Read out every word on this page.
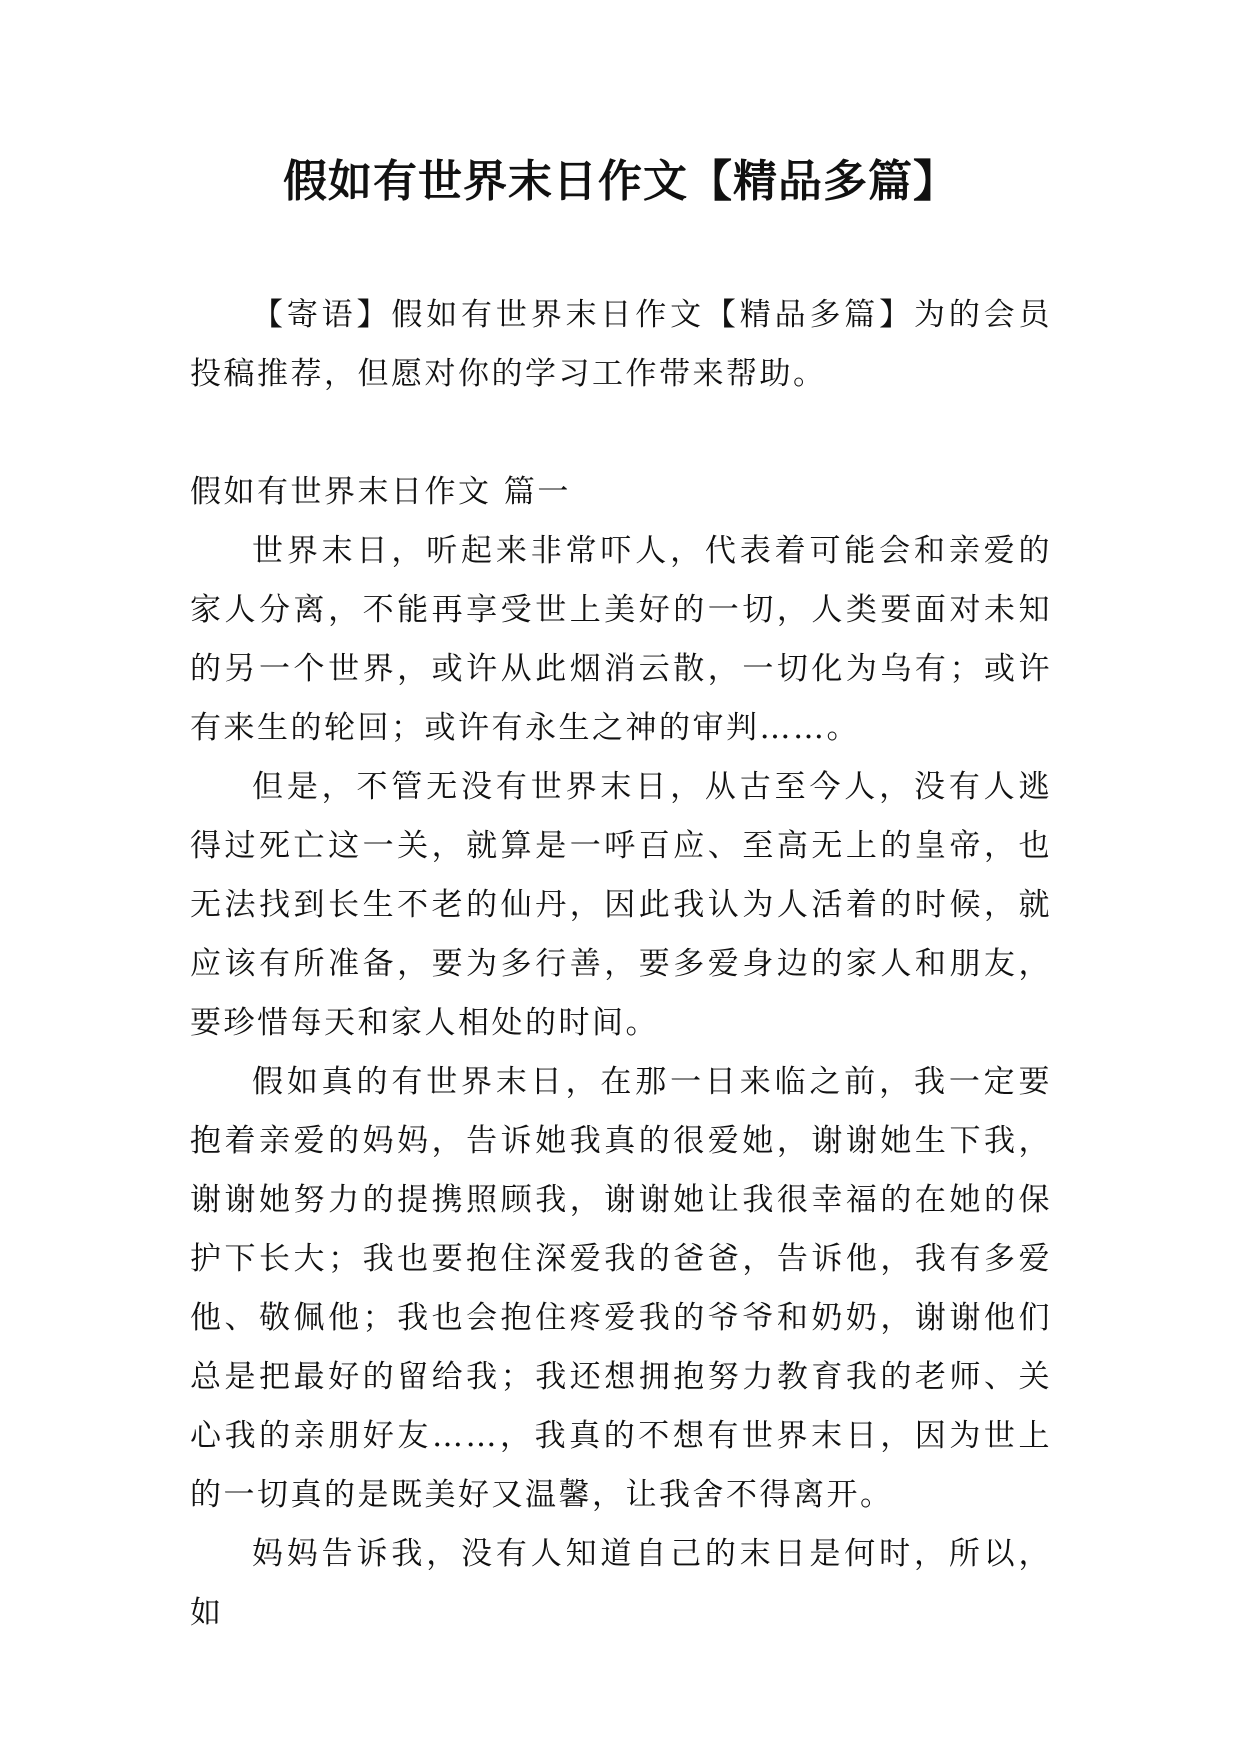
假如有世界末日作文【精品多篇】

【寄语】假如有世界末日作文【精品多篇】为的会员投稿推荐，但愿对你的学习工作带来帮助。

假如有世界末日作文 篇一

世界末日，听起来非常吓人，代表着可能会和亲爱的家人分离，不能再享受世上美好的一切，人类要面对未知的另一个世界，或许从此烟消云散，一切化为乌有；或许有来生的轮回；或许有永生之神的审判……。

但是，不管无没有世界末日，从古至今人，没有人逃得过死亡这一关，就算是一呼百应、至高无上的皇帝，也无法找到长生不老的仙丹，因此我认为人活着的时候，就应该有所准备，要为多行善，要多爱身边的家人和朋友，要珍惜每天和家人相处的时间。

假如真的有世界末日，在那一日来临之前，我一定要抱着亲爱的妈妈，告诉她我真的很爱她，谢谢她生下我，谢谢她努力的提携照顾我，谢谢她让我很幸福的在她的保护下长大；我也要抱住深爱我的爸爸，告诉他，我有多爱他、敬佩他；我也会抱住疼爱我的爷爷和奶奶，谢谢他们总是把最好的留给我；我还想拥抱努力教育我的老师、关心我的亲朋好友……，我真的不想有世界末日，因为世上的一切真的是既美好又温馨，让我舍不得离开。

妈妈告诉我，没有人知道自己的末日是何时，所以，如
